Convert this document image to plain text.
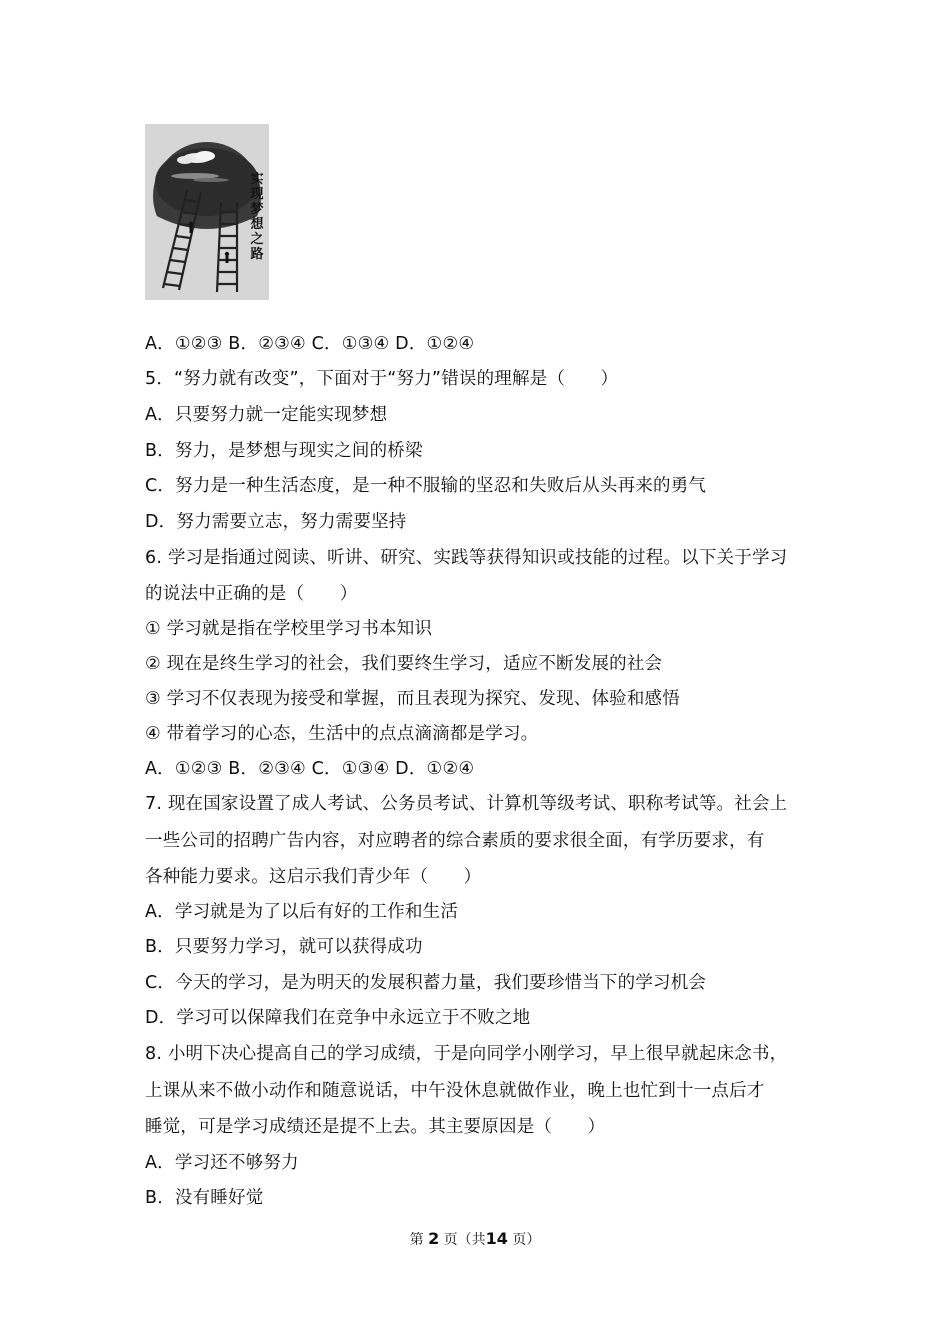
实现梦想之路
A．①②③ B．②③④ C．①③④ D．①②④
5．“努力就有改变”，下面对于“努力”错误的理解是（　　）
A．只要努力就一定能实现梦想
B．努力，是梦想与现实之间的桥梁
C．努力是一种生活态度，是一种不服输的坚忍和失败后从头再来的勇气
D．努力需要立志，努力需要坚持
6. 学习是指通过阅读、听讲、研究、实践等获得知识或技能的过程。以下关于学习
的说法中正确的是（　　）
① 学习就是指在学校里学习书本知识
② 现在是终生学习的社会，我们要终生学习，适应不断发展的社会
③ 学习不仅表现为接受和掌握，而且表现为探究、发现、体验和感悟
④ 带着学习的心态，生活中的点点滴滴都是学习。
A．①②③ B．②③④ C．①③④ D．①②④
7. 现在国家设置了成人考试、公务员考试、计算机等级考试、职称考试等。社会上
一些公司的招聘广告内容，对应聘者的综合素质的要求很全面，有学历要求，有
各种能力要求。这启示我们青少年（　　）
A．学习就是为了以后有好的工作和生活
B．只要努力学习，就可以获得成功
C．今天的学习，是为明天的发展积蓄力量，我们要珍惜当下的学习机会
D．学习可以保障我们在竞争中永远立于不败之地
8. 小明下决心提高自己的学习成绩，于是向同学小刚学习，早上很早就起床念书，
上课从来不做小动作和随意说话，中午没休息就做作业，晚上也忙到十一点后才
睡觉，可是学习成绩还是提不上去。其主要原因是（　　）
A．学习还不够努力
B．没有睡好觉
第 2 页（共14 页）
